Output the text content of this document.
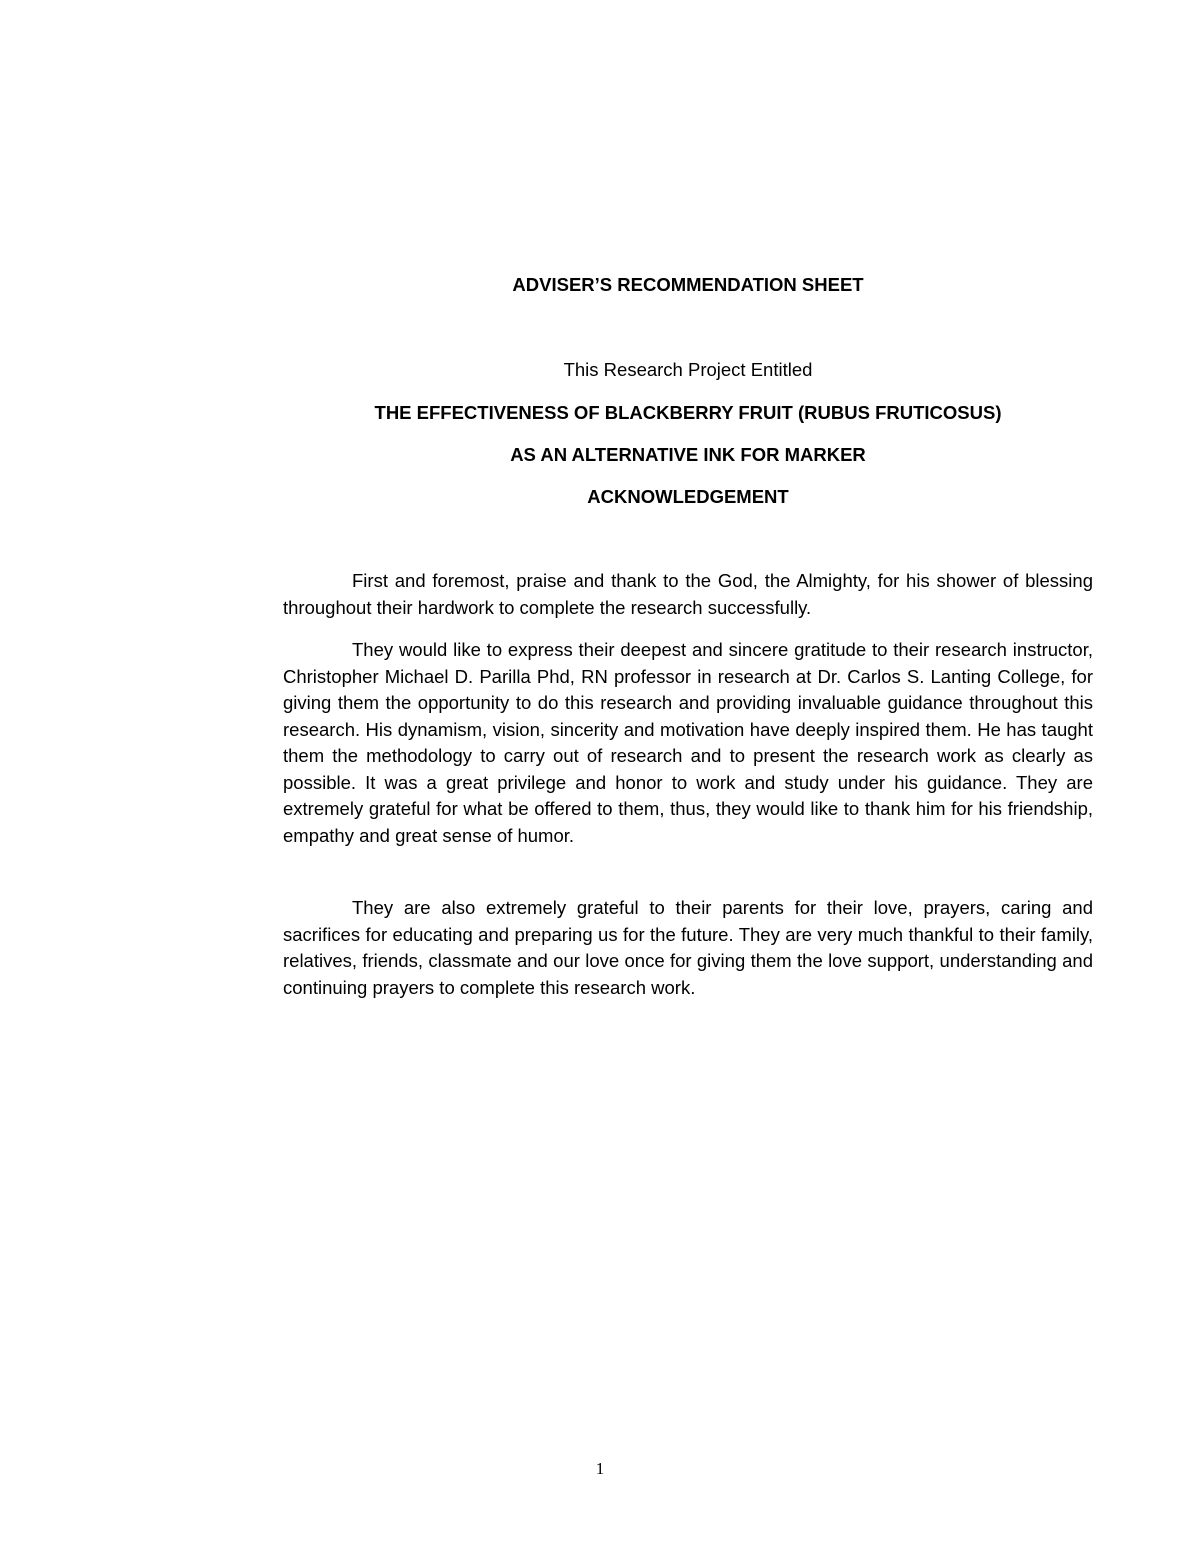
ADVISER’S RECOMMENDATION SHEET

This Research Project Entitled

THE EFFECTIVENESS OF BLACKBERRY FRUIT (RUBUS FRUTICOSUS)
AS AN ALTERNATIVE INK FOR MARKER
ACKNOWLEDGEMENT

First and foremost, praise and thank to the God, the Almighty, for his shower of blessing throughout their hardwork to complete the research successfully.

They would like to express their deepest and sincere gratitude to their research instructor, Christopher Michael D. Parilla Phd, RN professor in research at Dr. Carlos S. Lanting College, for giving them the opportunity to do this research and providing invaluable guidance throughout this research. His dynamism, vision, sincerity and motivation have deeply inspired them. He has taught them the methodology to carry out of research and to present the research work as clearly as possible. It was a great privilege and honor to work and study under his guidance. They are extremely grateful for what be offered to them, thus, they would like to thank him for his friendship, empathy and great sense of humor.

They are also extremely grateful to their parents for their love, prayers, caring and sacrifices for educating and preparing us for the future. They are very much thankful to their family, relatives, friends, classmate and our love once for giving them the love support, understanding and continuing prayers to complete this research work.

1
